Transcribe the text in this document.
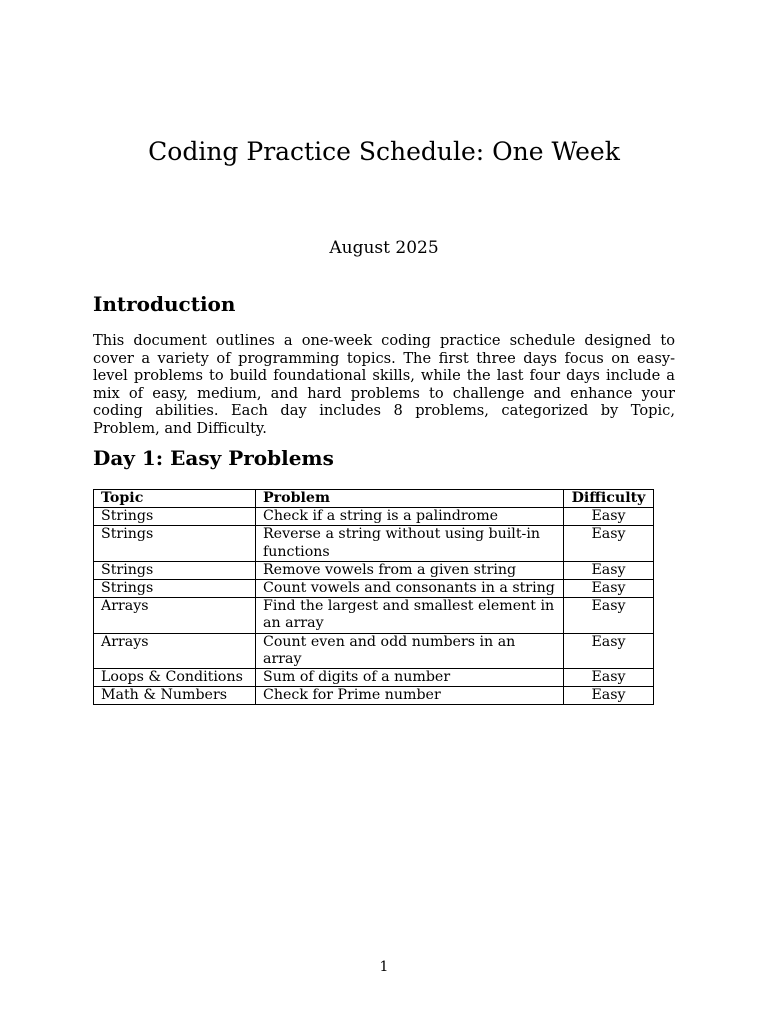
Coding Practice Schedule: One Week
August 2025
Introduction

This document outlines a one-week coding practice schedule designed to cover a variety of programming topics. The first three days focus on easy-level problems to build foundational skills, while the last four days include a mix of easy, medium, and hard problems to challenge and enhance your coding abilities. Each day includes 8 problems, categorized by Topic, Problem, and Difficulty.

Day 1: Easy Problems
Topic	Problem	Difficulty
Strings	Check if a string is a palindrome	Easy
Strings	Reverse a string without using built-in functions	Easy
Strings	Remove vowels from a given string	Easy
Strings	Count vowels and consonants in a string	Easy
Arrays	Find the largest and smallest element in an array	Easy
Arrays	Count even and odd numbers in an array	Easy
Loops & Conditions	Sum of digits of a number	Easy
Math & Numbers	Check for Prime number	Easy
1
